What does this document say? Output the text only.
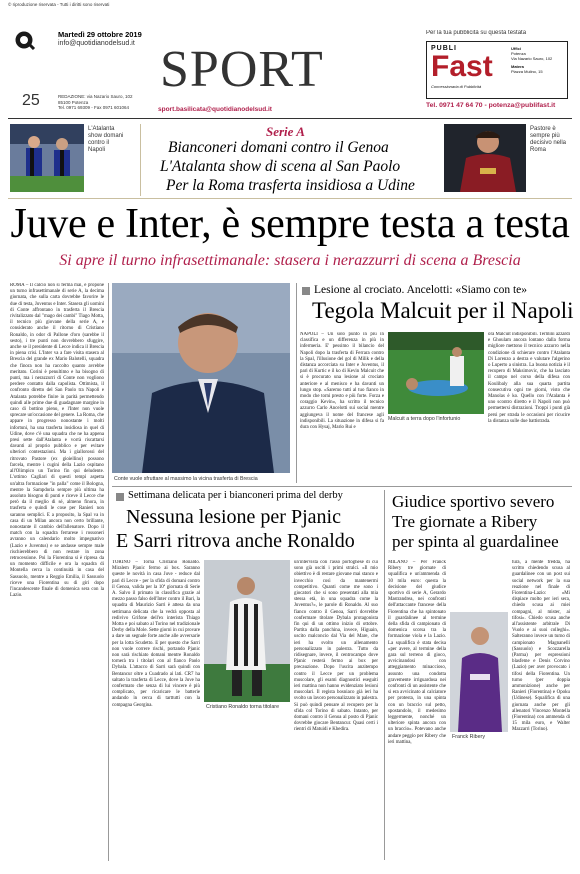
© riproduzione riservata - Tutti i diritti sono riservati
Martedì 29 ottobre 2019
info@quotidianodelsud.it SPORT
25	REDAZIONE: via Nazario Sauro, 102
85100 Potenza
Tel. 0971 69309 - Fax 0971 601064	sport.basilicata@quotidianodelsud.it
Per la tua pubblicità su questa testata
PUBLI
Fast
Concessionaria di Pubblicità
Uffici
Potenza
Via Nazario Sauro, 102
Matera
Piazza Mulino, 15
Tel. 0971 47 64 70 - potenza@publifast.it
L'Atalanta show domani contro il Napoli
Serie A
Bianconeri domani contro il Genoa
L'Atalanta show di scena al San Paolo
Per la Roma trasferta insidiosa a Udine
Pastore è sempre più decisivo nella Roma
Juve e Inter, è sempre testa a testa
Si apre il turno infrasettimanale: stasera i nerazzurri di scena a Brescia
ROMA – Il calcio non si ferma mai, e propone un turno infrasettimanale di serie A, la decima giornata, che sulla carta dovrebbe favorire le due di testa, Juventus e Inter. Stasera gli uomini di Conte affrontano in trasferta il Brescia rivitalizzato dal "mago dei cambi" Tiago Motta, il tecnico più giovane della serie A, e considerato anche il ritorno di Cristiano Ronaldo, in odor di Pallone d'oro (sarebbe il sesto), i tre punti non dovrebbero sfuggire, anche se il presidente di Lecce indica il Brescia in piena crisi. L'Inter va a fare visita stasera al Brescia del grande ex Mario Balotelli, squadra che finora non ha raccolto quanto avrebbe meritato. Corini è penultimo e ha bisogno di punti, ma i nerazzurri di Conte non vogliono perdere contatto dalla capolista. Ottimista, il confronto diretto del San Paolo tra Napoli e Atalanta potrebbe finire in parità permettendo quindi alle prime due di guadagnare margine in caso di bottino pieno, e l'Inter non vuole sprecare un'occasione del genere. La Roma, che appare in progresso nonostante i molti infortuni, ha una trasferta insidiosa in quel di Udine, dove c'è una squadra che ne ha appena presi sette dall'Atalanta e vorrà riscattarsi davanti al proprio pubblico e per evitare ulteriori contestazioni. Ma i giallorossi del ritrovato Pastore (ex gioiellino) possono farcela, mentre i cugini della Lazio ospitano all'Olimpico un Torino fin qui deludente. L'ottimo Cagliari di questi tempi aspetta un'altra formazione "in palla" come il Bologna, mentre la Sampdoria sempre più ultima ha assoluto bisogno di punti e riceve il Lecce che però da il meglio di sé, almeno finora, in trasferta e quindi le cose per Ranieri non saranno semplici. E a proposito, la Spal va in casa di un Milan ancora non certo brillante, nonostante il cambio dell'allenatore. Dopo il match con la squadra ferrarese i rossoneri avranno un calendario molto impegnativo (Lazio e Juventus) e se andasse sempre male rischierebbero di non restare in zona retrocessione. Poi la Fiorentina si è ripresa da un momento difficile e ora la squadra di Montella cerca la continuità in casa del Sassuolo, mentre a Reggio Emilia, il Sassuolo riceve una Fiorentina su di giri dopo l'incandescente finale di domenica sera con la Lazio.
Conte vuole sfruttare al massimo la vicina trasferta di Brescia
Lesione al crociato. Ancelotti: «Siamo con te»
Tegola Malcuit per il Napoli
NAPOLI – Un solo punto in più in classifica e un differenza in più in infermeria. E' pessimo il bilancio del Napoli dopo la trasferta di Ferrara contro la Spal, l'illusione del gol di Milik e della distanza accorciata su Inter e Juventus, il pari di Kurtic e il ko di Kevin Malcuit che si è procurato una lesione al crociato anteriore e al menisco e ha davanti un lungo stop. «Saremo tutti al tuo fianco in modo che torni presto e più forte. Forza e coraggio Kevin», ha scritto il tecnico azzurro Carlo Ancelotti sui social mentre aggiungeva il nome del francese agli indisponibili. La situazione in difesa si fa dura con Hysaj, Mario Rui e
Malcuit a terra dopo l'infortunio
ora Malcuit indisponibili. Termini azzardi e Ghoulam ancora lontano dalla forma migliore mettono il tecnico azzurro nella condizione di schierare contro l'Atalanta Di Lorenzo a destra e valutare l'algerino o Luperto a sinistra. La buona notizia è il recupero di Maksimovic, che ha lasciato il campo nel corso della difesa con Koulibaly alla sua quarta partita consecutiva ogni tre giorni, visto che Manolas è ko. Quello con l'Atalanta è uno scontro diretto e il Napoli non può permettersi distrazioni. Troppi i punti già persi per strada le occasioni per ricucire la distanza sulle due battistrada.
Settimana delicata per i bianconeri prima del derby
Nessuna lesione per Pjanic
E Sarri ritrova anche Ronaldo
TORINO – Torna Cristiano Ronaldo. Miralem Pjanic fermo ai box. Saranno queste le novità in casa Juve - reduce dal pari di Lecce - per la sfida di domani contro il Genoa, valida per la 10ª giornata di Serie A. Salvo il primato in classifica grazie al mezzo passo falso dell'Inter contro il Bari, la squadra di Maurizio Sarri è attesa da una settimana delicata che la vedrà opposta al redivivo Grifone dell'ex interista Thiago Motta e poi sabato al Torino nel tradizionale Derby della Mole. Sette giorni in cui provare a dare un segnale forte anche alle avversarie per la lotta Scudetto. E per questo che Sarri non vuole correre rischi, portando Pjanic non sarà rischiato domani mentre Ronaldo tornerà tra i titolari con al fianco Paolo Dybala. L'attacco di Sarri sarà quindi con Bentancur oltre a Cuadrado ai lati. CR7 ha saltato la trasferta di Lecce, dove la Juve ha confermato che senza di lui vincere è più complicato, per ricaricare le batterie andando in cerca di tarttutti con la compagna Georgina.	Cristiano Ronaldo torna titolare
un'intervista con l'asso portoghese di cui sono già usciti i primi stralci. «Il mio obiettivo è di restare giovane mai stanco e invecchio così da mantenermi competitivo. Quanti come me sono i giocatori che si sono presentati alla mia stessa età, in una squadra come la Juventus?», le parole di Ronaldo. Al suo fianco contro il Genoa, Sarri dovrebbe confermare titolare Dybala protagonista fin qui di un ottimo inizio di ottobre. Partita dalla panchina, invece, Higuain, uscito malconcio dal Via del Mare, che ieri ha svolto un allenamento personalizzato in palestra. Tutto da ridisegnare, invece, il centrocampo dove Pjanic resterà fermo ai box per precauzione. Dopo l'uscita anzitempo contro il Lecce per un problema muscolare, gli esami diagnostici eseguiti ieri mattina non hanno evidenziato lesioni muscolari. Il regista bosniaco già ieri ha svolto un lavoro personalizzato in palestra. Si può quindi pensare al recupero per la sfida col Torino di sabato. Intanto, per domani contro il Genoa al posto di Pjanic dovrebbe giocare Bentancur. Quasi certi i rientri di Matuidi e Khedira.
Giudice sportivo severo
Tre giornate a Ribery
per spinta al guardalinee
MILANO – Per Franck Ribery tre giornate di squalifica e un'ammenda di 30 mila euro: questa la decisione del giudice sportivo di serie A, Gerardo Mastrandrea, nei confronti dell'attaccante francese della Fiorentina che ha spintonato il guardalinee al termine della sfida di campionato di domenica scorsa tra la formazione viola e la Lazio. La squalifica è stata decisa «per avere, al termine della gara sul terreno di gioco, avvicinandosi con atteggiamento minaccioso, assunto una condotta gravemente irriguardosa nei confronti di un assistente che si era avvicinato al calciatore per protesta, in una spinta con un braccio sul petto, spostandolo, il medesimo leggermente, nonché un ulteriore spinta ancora con un braccio». Potevano anche andare peggio per Ribery che ieri mattina,
Franck Ribery
tura, a mente fredda, ha scritto chiedendo scusa al guardalinee con un post sui social network per la sua reazione nel finale di Fiorentina-Lazio: «Mi dispiace molto per ieri sera, chiedo scusa ai miei compagni, al mister, ai tifosi». Chiedo scusa anche all'assistente arbitrale Di Vuolo e ai suoi colleghi». Salteranno invece un turno di campionato Magnanelli (Sassuolo) e Scozzarella (Parma) per espressioni blasfeme e Denis Corvino (Lazio) per aver provocato i tifosi della Fiorentina. Un turno (per doppia ammonizione) anche per Ranieri (Fiorentina) e Opoku (Udinese). Squalifica di una giornata anche per gli allenatori Vincenzo Montella (Fiorentina) con ammenda di 15 mila euro, e Walter Mazzarri (Torino).
